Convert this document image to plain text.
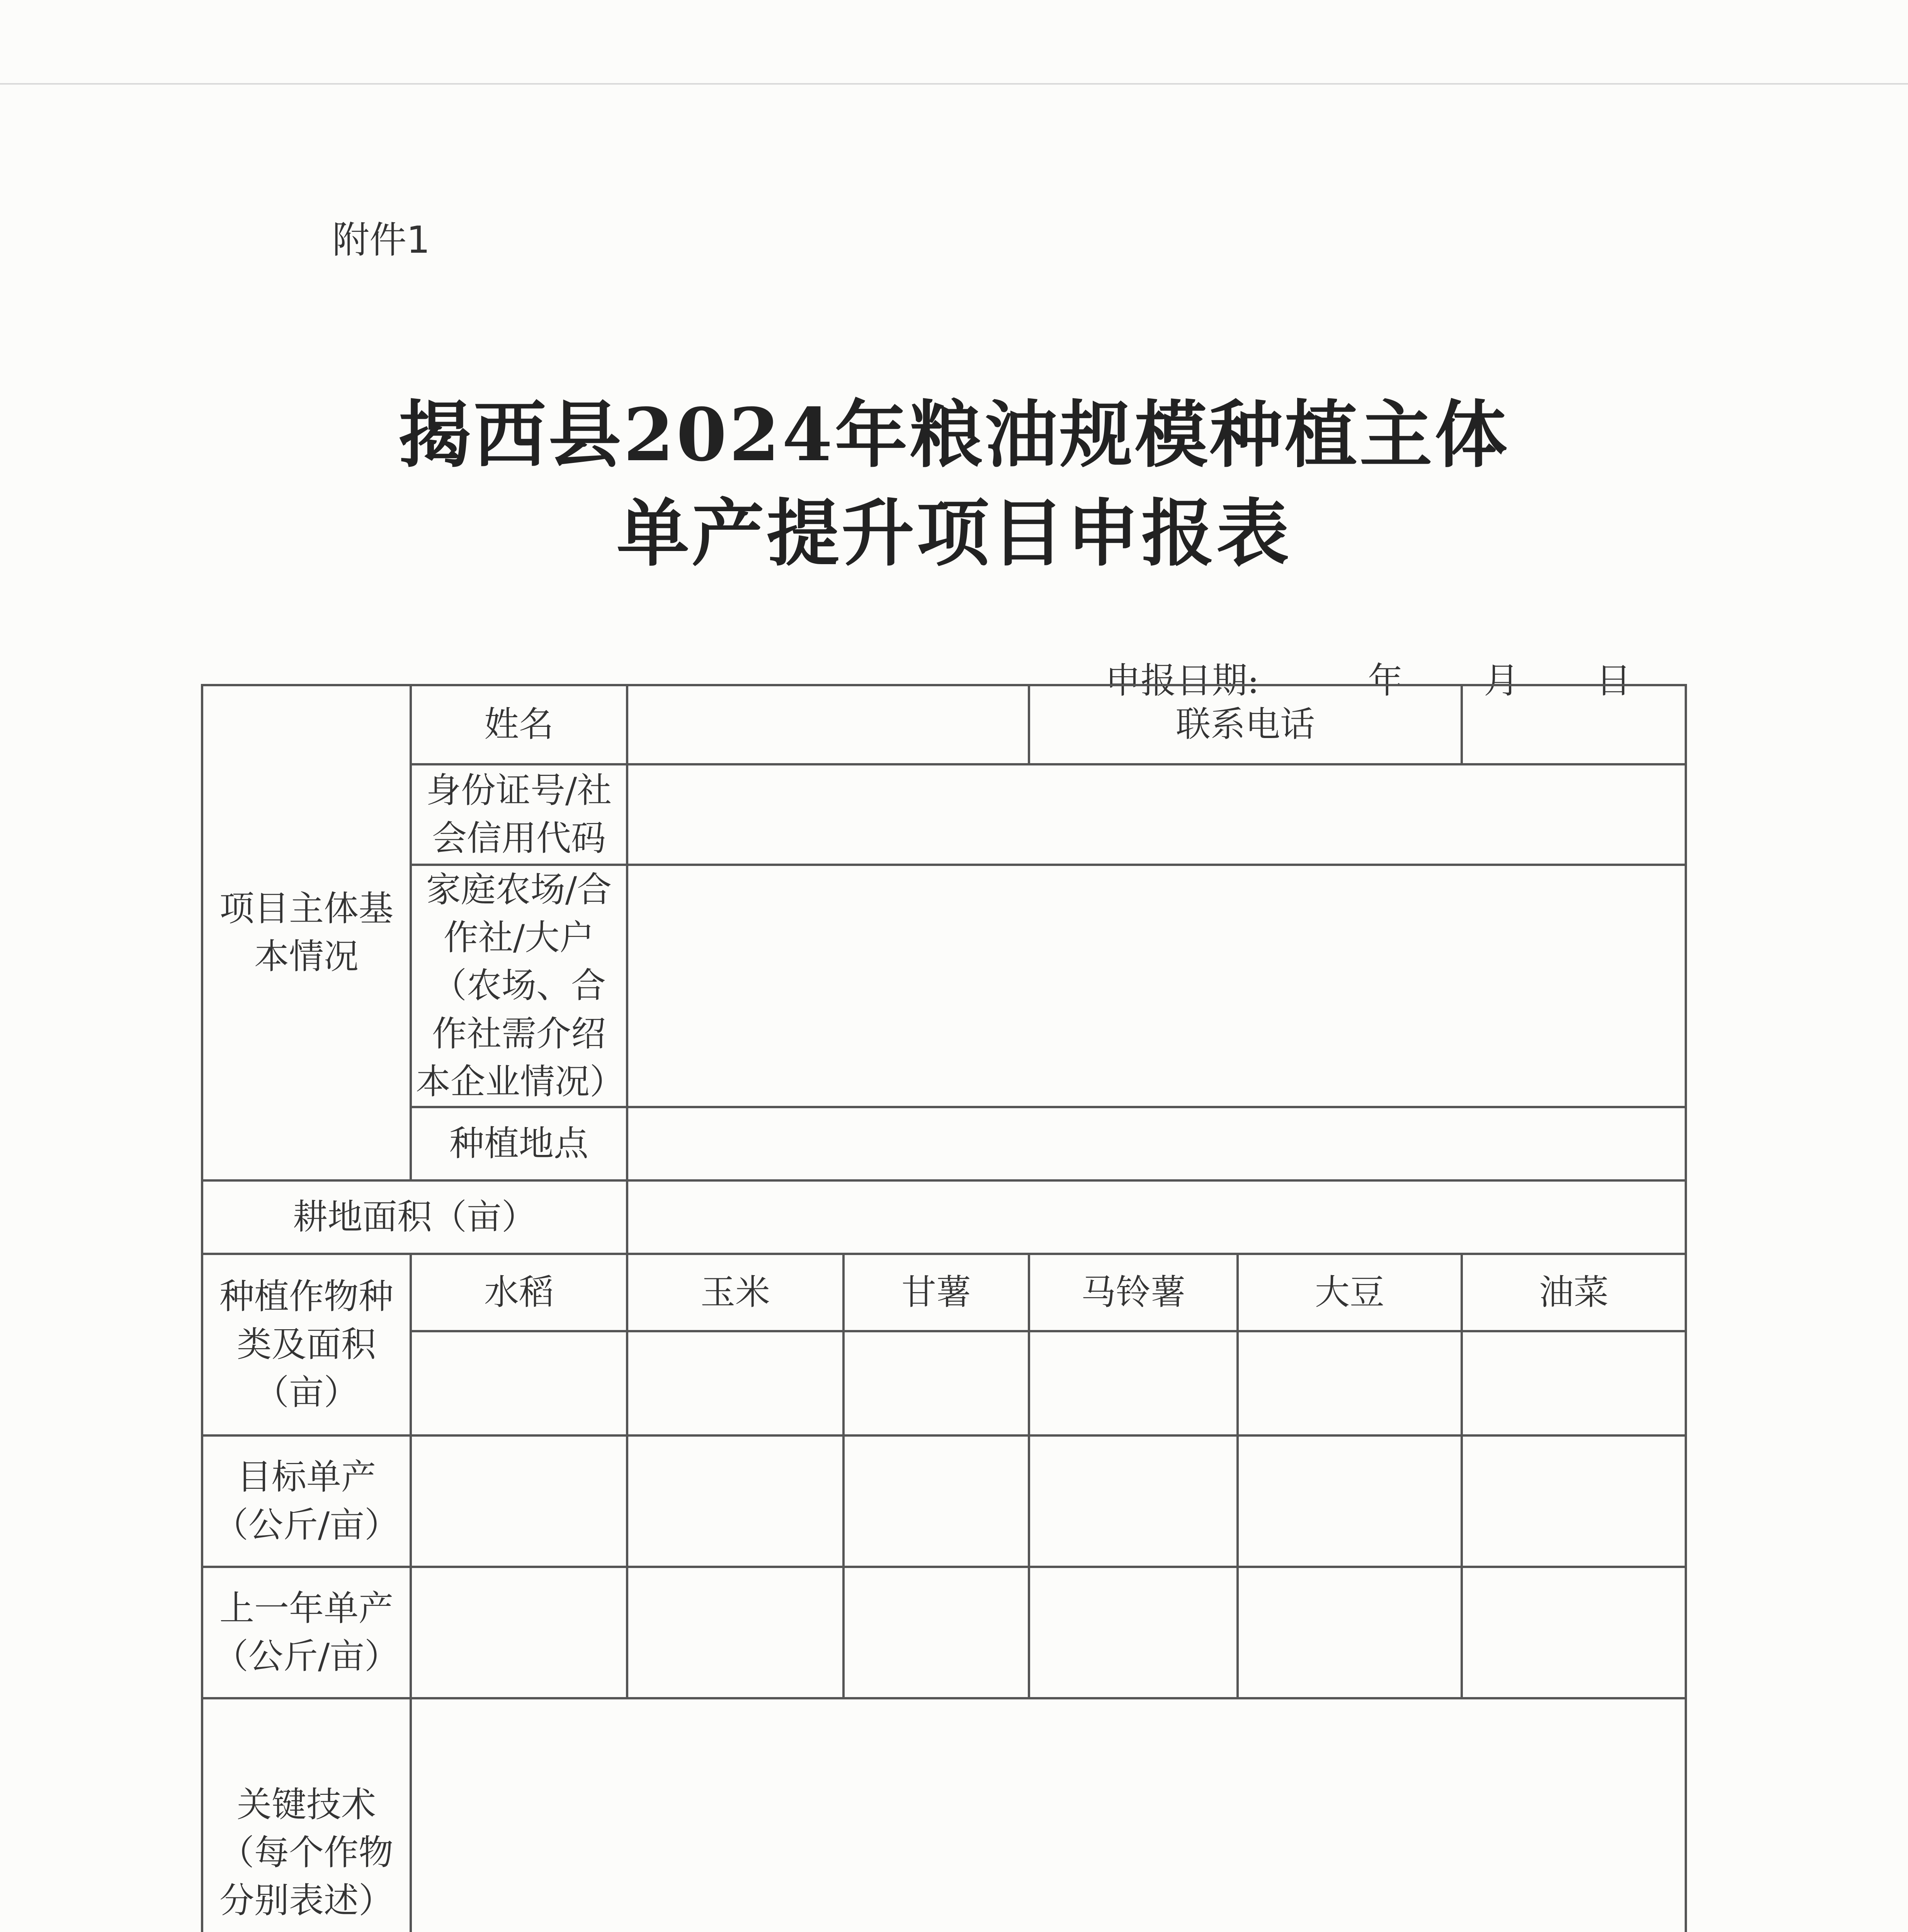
附件1
揭西县2024年粮油规模种植主体
单产提升项目申报表
申报日期:	年 月 日
项目主体基本情况	姓名			联系电话		
	身份证号/社会信用代码					
	家庭农场/合作社/大户（农场、合作社需介绍本企业情况）					
	种植地点					
耕地面积（亩）						
种植作物种类及面积（亩）	水稻	玉米	甘薯	马铃薯	大豆	油菜

目标单产（公斤/亩）						
上一年单产（公斤/亩）						
关键技术（每个作物分别表述）						
